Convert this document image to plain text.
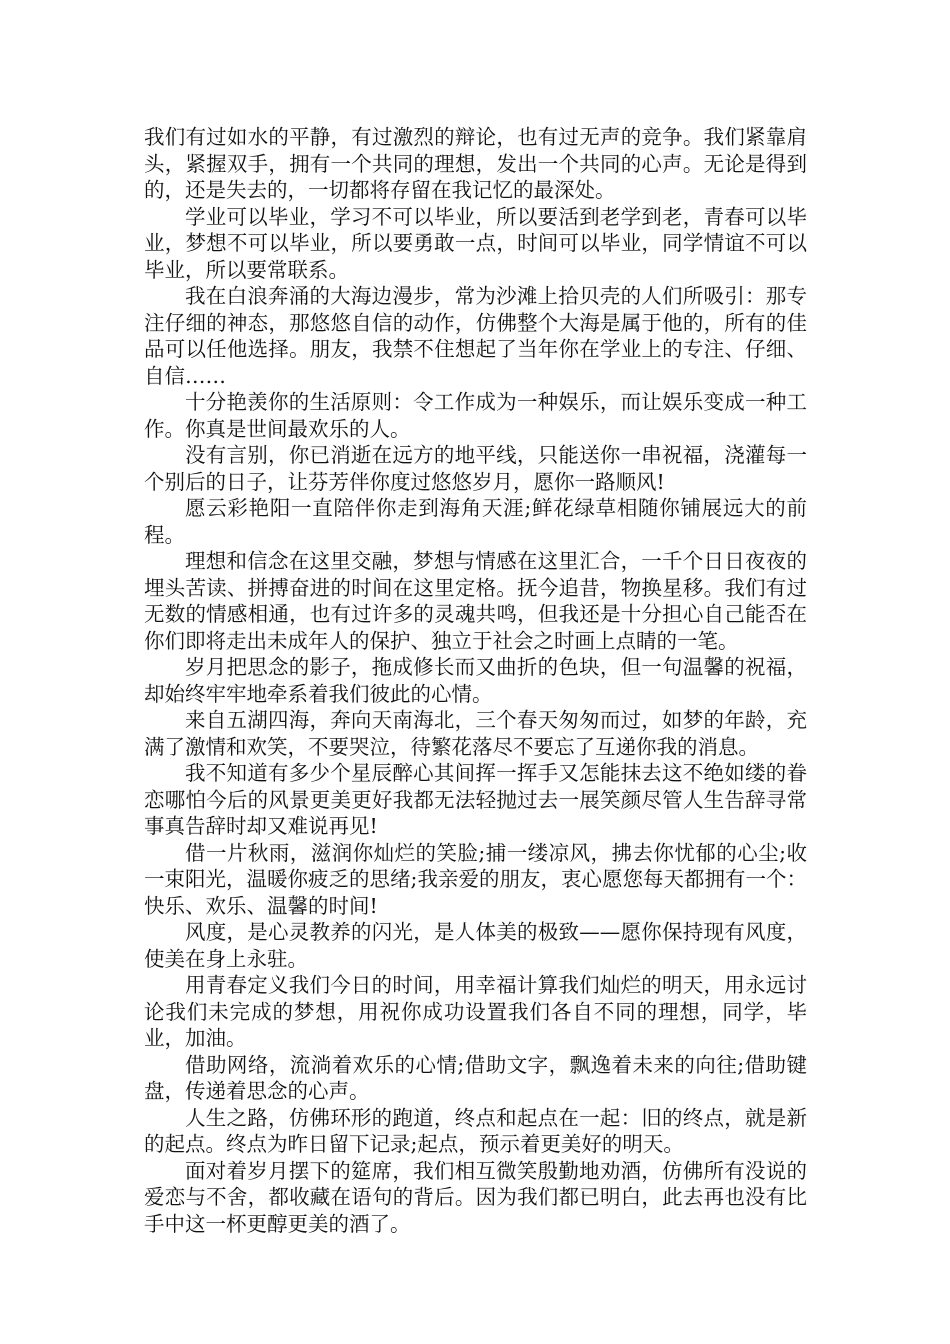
我们有过如水的平静，有过激烈的辩论，也有过无声的竞争。我们紧靠肩头，紧握双手，拥有一个共同的理想，发出一个共同的心声。无论是得到的，还是失去的，一切都将存留在我记忆的最深处。

学业可以毕业，学习不可以毕业，所以要活到老学到老，青春可以毕业，梦想不可以毕业，所以要勇敢一点，时间可以毕业，同学情谊不可以毕业，所以要常联系。

我在白浪奔涌的大海边漫步，常为沙滩上拾贝壳的人们所吸引：那专注仔细的神态，那悠悠自信的动作，仿佛整个大海是属于他的，所有的佳品可以任他选择。朋友，我禁不住想起了当年你在学业上的专注、仔细、自信……

十分艳羡你的生活原则：令工作成为一种娱乐，而让娱乐变成一种工作。你真是世间最欢乐的人。

没有言别，你已消逝在远方的地平线，只能送你一串祝福，浇灌每一个别后的日子，让芬芳伴你度过悠悠岁月，愿你一路顺风!

愿云彩艳阳一直陪伴你走到海角天涯;鲜花绿草相随你铺展远大的前程。

理想和信念在这里交融，梦想与情感在这里汇合，一千个日日夜夜的埋头苦读、拼搏奋进的时间在这里定格。抚今追昔，物换星移。我们有过无数的情感相通，也有过许多的灵魂共鸣，但我还是十分担心自己能否在你们即将走出未成年人的保护、独立于社会之时画上点睛的一笔。

岁月把思念的影子，拖成修长而又曲折的色块，但一句温馨的祝福，却始终牢牢地牵系着我们彼此的心情。

来自五湖四海，奔向天南海北，三个春天匆匆而过，如梦的年龄，充满了激情和欢笑，不要哭泣，待繁花落尽不要忘了互递你我的消息。

我不知道有多少个星辰醉心其间挥一挥手又怎能抹去这不绝如缕的眷恋哪怕今后的风景更美更好我都无法轻抛过去一展笑颜尽管人生告辞寻常事真告辞时却又难说再见!

借一片秋雨，滋润你灿烂的笑脸;捕一缕凉风，拂去你忧郁的心尘;收一束阳光，温暖你疲乏的思绪;我亲爱的朋友，衷心愿您每天都拥有一个：快乐、欢乐、温馨的时间!

风度，是心灵教养的闪光，是人体美的极致——愿你保持现有风度，使美在身上永驻。

用青春定义我们今日的时间，用幸福计算我们灿烂的明天，用永远讨论我们未完成的梦想，用祝你成功设置我们各自不同的理想，同学，毕业，加油。

借助网络，流淌着欢乐的心情;借助文字，飘逸着未来的向往;借助键盘，传递着思念的心声。

人生之路，仿佛环形的跑道，终点和起点在一起：旧的终点，就是新的起点。终点为昨日留下记录;起点，预示着更美好的明天。

面对着岁月摆下的筵席，我们相互微笑殷勤地劝酒，仿佛所有没说的爱恋与不舍，都收藏在语句的背后。因为我们都已明白，此去再也没有比手中这一杯更醇更美的酒了。
